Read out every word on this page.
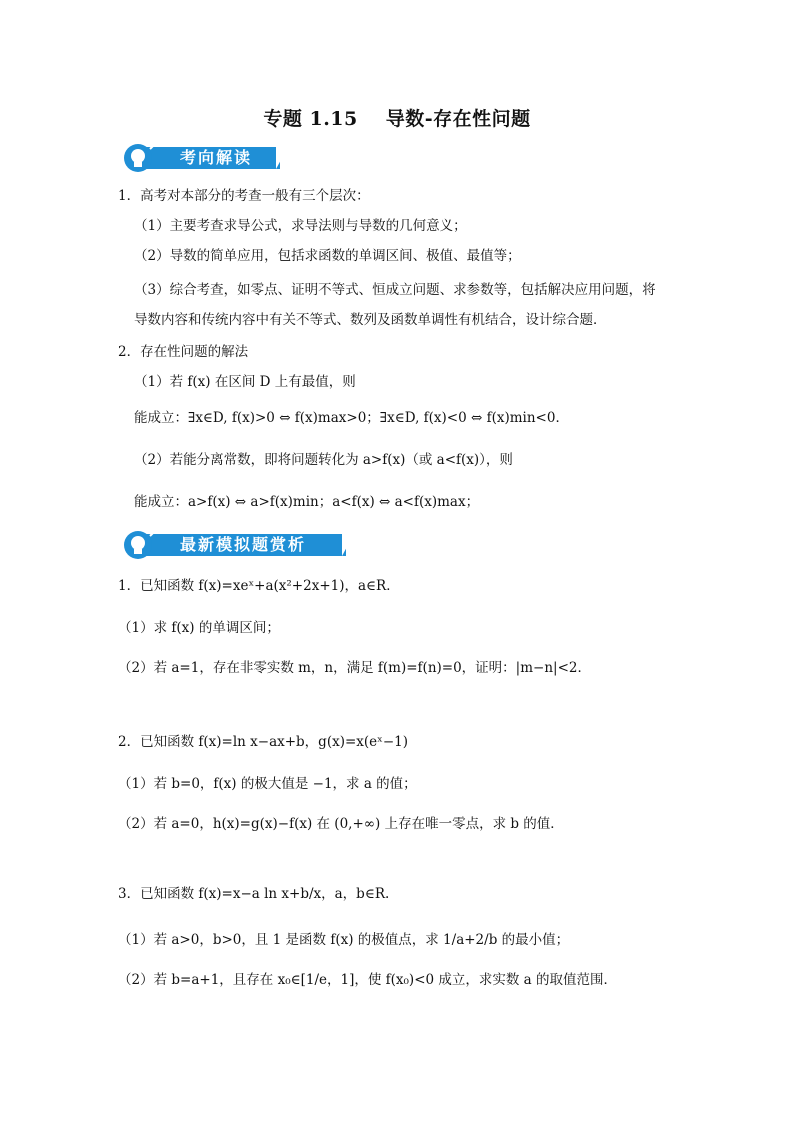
专题 1.15 导数-存在性问题
考向解读
1．高考对本部分的考查一般有三个层次：
（1）主要考查求导公式，求导法则与导数的几何意义；
（2）导数的简单应用，包括求函数的单调区间、极值、最值等；
（3）综合考查，如零点、证明不等式、恒成立问题、求参数等，包括解决应用问题，将
导数内容和传统内容中有关不等式、数列及函数单调性有机结合，设计综合题．
2．存在性问题的解法
（1）若 f(x) 在区间 D 上有最值，则
能成立：∃x∈D, f(x)>0 ⇔ f(x)max>0；∃x∈D, f(x)<0 ⇔ f(x)min<0．
（2）若能分离常数，即将问题转化为 a>f(x)（或 a<f(x)），则
能成立：a>f(x) ⇔ a>f(x)min；a<f(x) ⇔ a<f(x)max；
最新模拟题赏析
1．已知函数 f(x)=xeˣ+a(x²+2x+1)，a∈R．
（1）求 f(x) 的单调区间；
（2）若 a=1，存在非零实数 m，n，满足 f(m)=f(n)=0，证明：|m−n|<2．
2．已知函数 f(x)=ln x−ax+b，g(x)=x(eˣ−1)
（1）若 b=0，f(x) 的极大值是 −1，求 a 的值；
（2）若 a=0，h(x)=g(x)−f(x) 在 (0,+∞) 上存在唯一零点，求 b 的值．
3．已知函数 f(x)=x−a ln x+b/x，a，b∈R.
（1）若 a>0，b>0，且 1 是函数 f(x) 的极值点，求 1/a+2/b 的最小值；
（2）若 b=a+1，且存在 x₀∈[1/e，1]，使 f(x₀)<0 成立，求实数 a 的取值范围．
